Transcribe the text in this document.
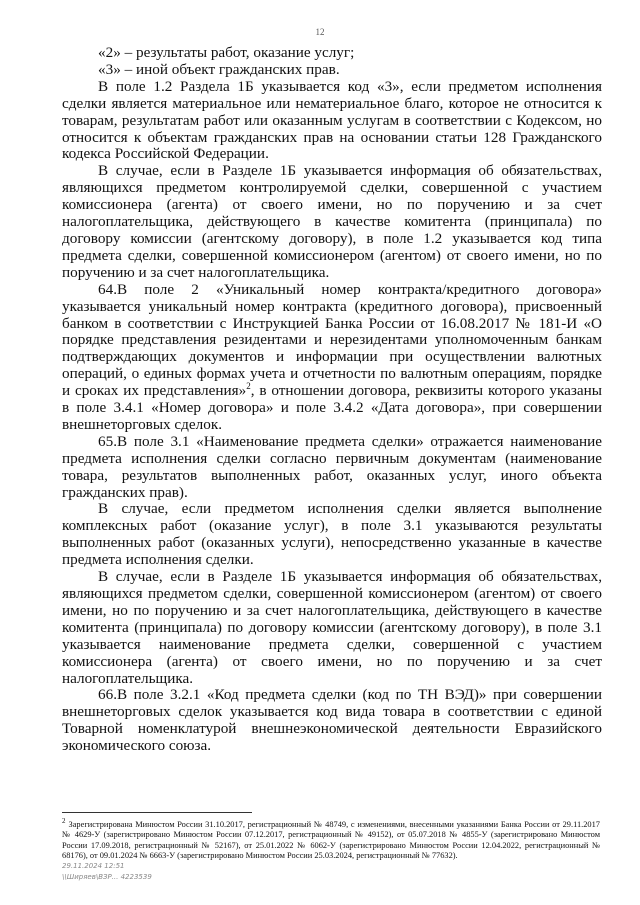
12

«2» – результаты работ, оказание услуг;

«3» – иной объект гражданских прав.

В поле 1.2 Раздела 1Б указывается код «3», если предметом исполнения сделки является материальное или нематериальное благо, которое не относится к товарам, результатам работ или оказанным услугам в соответствии с Кодексом, но относится к объектам гражданских прав на основании статьи 128 Гражданского кодекса Российской Федерации.

В случае, если в Разделе 1Б указывается информация об обязательствах, являющихся предметом контролируемой сделки, совершенной с участием комиссионера (агента) от своего имени, но по поручению и за счет налогоплательщика, действующего в качестве комитента (принципала) по договору комиссии (агентскому договору), в поле 1.2 указывается код типа предмета сделки, совершенной комиссионером (агентом) от своего имени, но по поручению и за счет налогоплательщика.

64.В поле 2 «Уникальный номер контракта/кредитного договора» указывается уникальный номер контракта (кредитного договора), присвоенный банком в соответствии с Инструкцией Банка России от 16.08.2017 № 181-И «О порядке представления резидентами и нерезидентами уполномоченным банкам подтверждающих документов и информации при осуществлении валютных операций, о единых формах учета и отчетности по валютным операциям, порядке и сроках их представления»$^2$, в отношении договора, реквизиты которого указаны в поле 3.4.1 «Номер договора» и поле 3.4.2 «Дата договора», при совершении внешнеторговых сделок.

65.В поле 3.1 «Наименование предмета сделки» отражается наименование предмета исполнения сделки согласно первичным документам (наименование товара, результатов выполненных работ, оказанных услуг, иного объекта гражданских прав).

В случае, если предметом исполнения сделки является выполнение комплексных работ (оказание услуг), в поле 3.1 указываются результаты выполненных работ (оказанных услуги), непосредственно указанные в качестве предмета исполнения сделки.

В случае, если в Разделе 1Б указывается информация об обязательствах, являющихся предметом сделки, совершенной комиссионером (агентом) от своего имени, но по поручению и за счет налогоплательщика, действующего в качестве комитента (принципала) по договору комиссии (агентскому договору), в поле 3.1 указывается наименование предмета сделки, совершенной с участием комиссионера (агента) от своего имени, но по поручению и за счет налогоплательщика.

66.В поле 3.2.1 «Код предмета сделки (код по ТН ВЭД)» при совершении внешнеторговых сделок указывается код вида товара в соответствии с единой Товарной номенклатурой внешнеэкономической деятельности Евразийского экономического союза.

$^2$ Зарегистрирована Минюстом России 31.10.2017, регистрационный № 48749, с изменениями, внесенными указаниями Банка России от 29.11.2017 № 4629-У (зарегистрировано Минюстом России 07.12.2017, регистрационный № 49152), от 05.07.2018 № 4855-У (зарегистрировано Минюстом России 17.09.2018, регистрационный № 52167), от 25.01.2022 № 6062-У (зарегистрировано Минюстом России 12.04.2022, регистрационный № 68176), от 09.01.2024 № 6663-У (зарегистрировано Минюстом России 25.03.2024, регистрационный № 77632).
29.11.2024 12:51
\\Ширяев\ВЗР... 4223539
